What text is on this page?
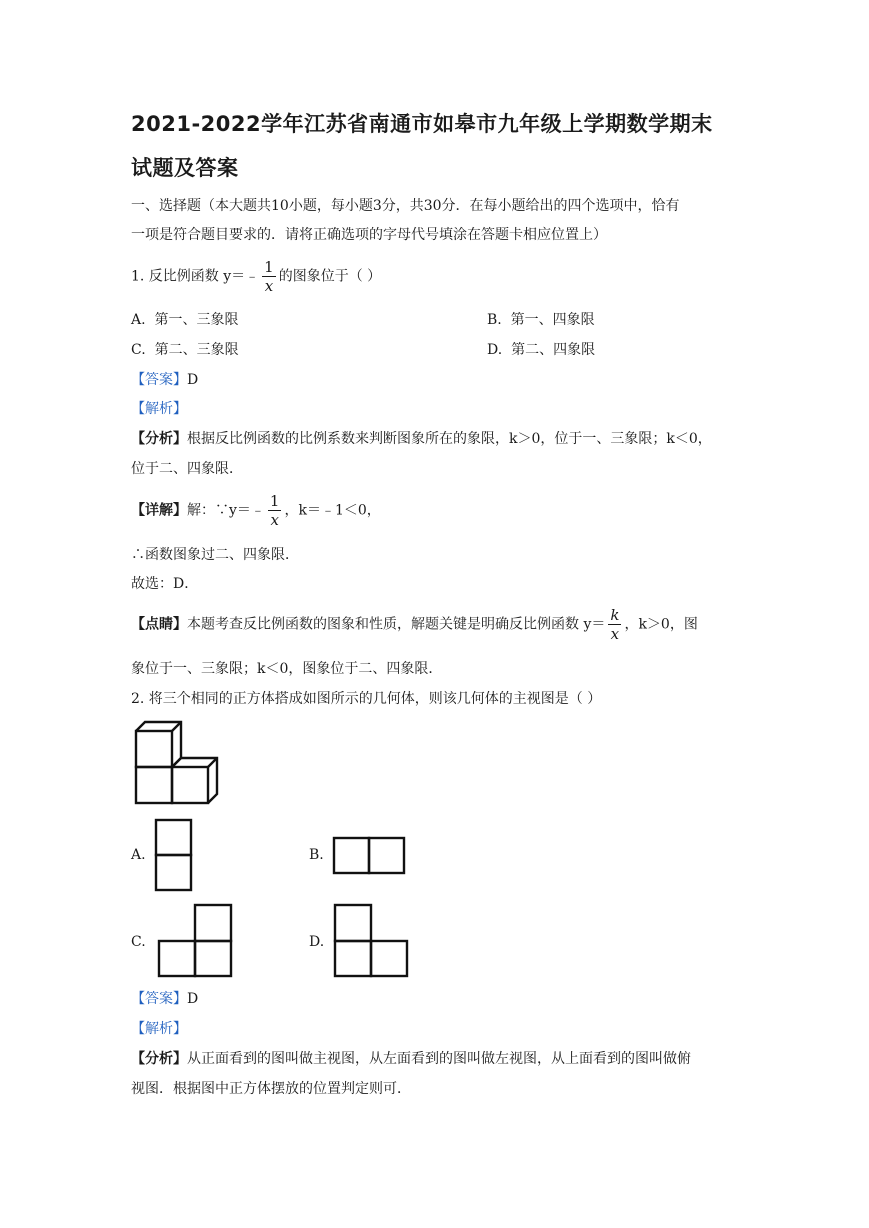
2021-2022学年江苏省南通市如皋市九年级上学期数学期末
试题及答案
一、选择题（本大题共10小题，每小题3分，共30分．在每小题给出的四个选项中，恰有
一项是符合题目要求的．请将正确选项的字母代号填涂在答题卡相应位置上）
1. 反比例函数 y＝﹣ $\frac{1}{x}$ 的图象位于（ ）
A. 第一、三象限	B. 第一、四象限
C. 第二、三象限	D. 第二、四象限
【答案】D
【解析】
【分析】根据反比例函数的比例系数来判断图象所在的象限，k＞0，位于一、三象限；k＜0，
位于二、四象限．
【详解】解：∵y＝﹣ $\frac{1}{x}$ ，k＝﹣1＜0，
∴函数图象过二、四象限．
故选：D．
【点睛】本题考查反比例函数的图象和性质，解题关键是明确反比例函数 $y= \frac{k}{x}$ ，k＞0，图
象位于一、三象限；k＜0，图象位于二、四象限．
2. 将三个相同的正方体搭成如图所示的几何体，则该几何体的主视图是（ ）
A.	B.
C.	D.
【答案】D
【解析】
【分析】从正面看到的图叫做主视图，从左面看到的图叫做左视图，从上面看到的图叫做俯
视图．根据图中正方体摆放的位置判定则可．
